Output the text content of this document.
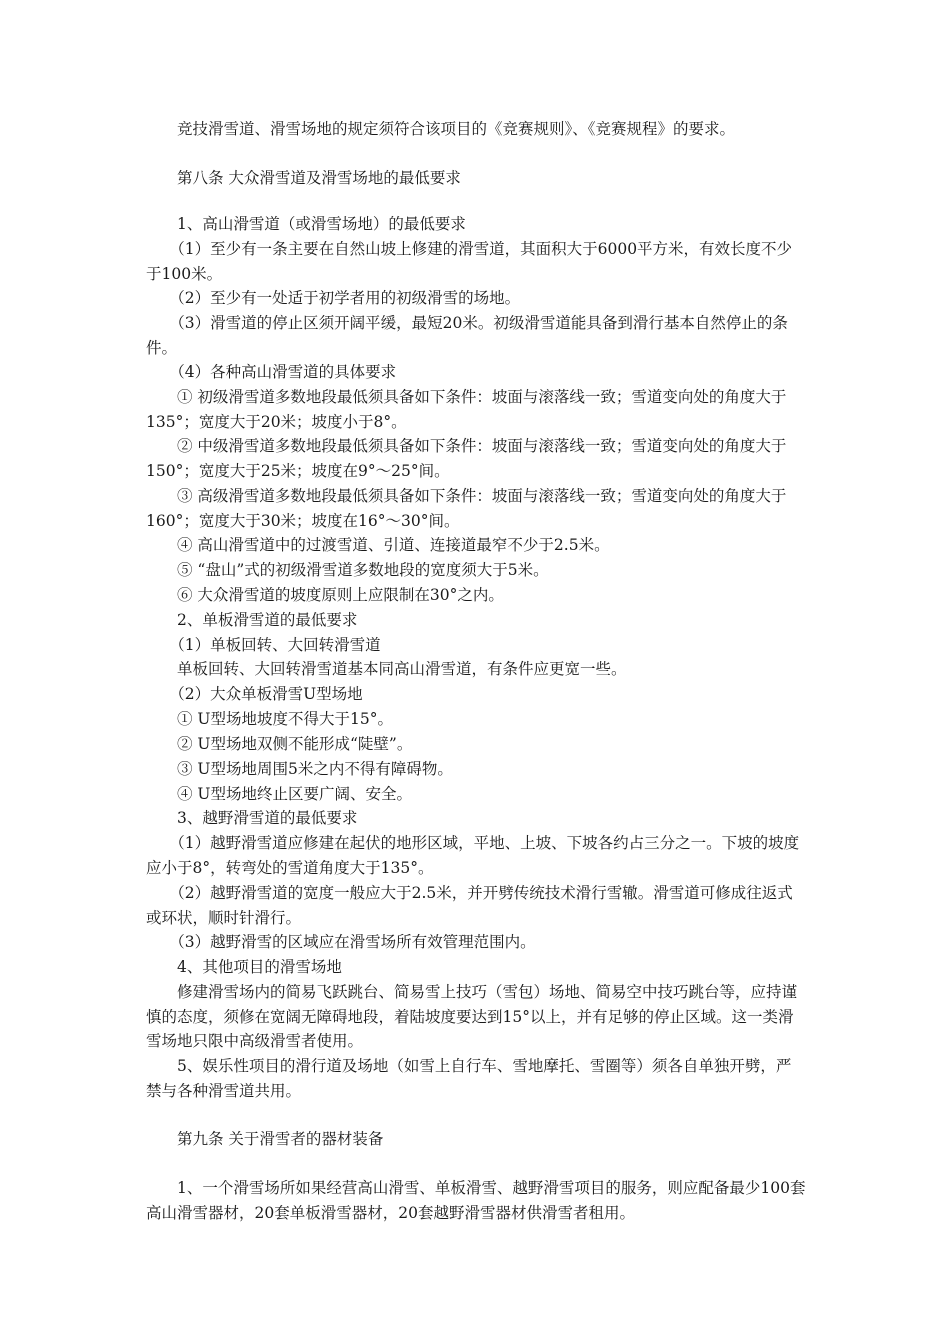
　　竞技滑雪道、滑雪场地的规定须符合该项目的《竞赛规则》、《竞赛规程》的要求。

　　第八条 大众滑雪道及滑雪场地的最低要求

　　1、高山滑雪道（或滑雪场地）的最低要求

　　（1）至少有一条主要在自然山坡上修建的滑雪道，其面积大于6000平方米，有效长度不少于100米。

　　（2）至少有一处适于初学者用的初级滑雪的场地。

　　（3）滑雪道的停止区须开阔平缓，最短20米。初级滑雪道能具备到滑行基本自然停止的条件。

　　（4）各种高山滑雪道的具体要求

　　① 初级滑雪道多数地段最低须具备如下条件：坡面与滚落线一致；雪道变向处的角度大于135°；宽度大于20米；坡度小于8°。

　　② 中级滑雪道多数地段最低须具备如下条件：坡面与滚落线一致；雪道变向处的角度大于150°；宽度大于25米；坡度在9°～25°间。

　　③ 高级滑雪道多数地段最低须具备如下条件：坡面与滚落线一致；雪道变向处的角度大于160°；宽度大于30米；坡度在16°～30°间。

　　④ 高山滑雪道中的过渡雪道、引道、连接道最窄不少于2.5米。

　　⑤ “盘山”式的初级滑雪道多数地段的宽度须大于5米。

　　⑥ 大众滑雪道的坡度原则上应限制在30°之内。

　　2、单板滑雪道的最低要求

　　（1）单板回转、大回转滑雪道

　　单板回转、大回转滑雪道基本同高山滑雪道，有条件应更宽一些。

　　（2）大众单板滑雪U型场地

　　① U型场地坡度不得大于15°。

　　② U型场地双侧不能形成“陡壁”。

　　③ U型场地周围5米之内不得有障碍物。

　　④ U型场地终止区要广阔、安全。

　　3、越野滑雪道的最低要求

　　（1）越野滑雪道应修建在起伏的地形区域，平地、上坡、下坡各约占三分之一。下坡的坡度应小于8°，转弯处的雪道角度大于135°。

　　（2）越野滑雪道的宽度一般应大于2.5米，并开劈传统技术滑行雪辙。滑雪道可修成往返式或环状，顺时针滑行。

　　（3）越野滑雪的区域应在滑雪场所有效管理范围内。

　　4、其他项目的滑雪场地

　　修建滑雪场内的简易飞跃跳台、简易雪上技巧（雪包）场地、简易空中技巧跳台等，应持谨慎的态度，须修在宽阔无障碍地段，着陆坡度要达到15°以上，并有足够的停止区域。这一类滑雪场地只限中高级滑雪者使用。

　　5、娱乐性项目的滑行道及场地（如雪上自行车、雪地摩托、雪圈等）须各自单独开劈，严禁与各种滑雪道共用。

　　第九条 关于滑雪者的器材装备

　　1、一个滑雪场所如果经营高山滑雪、单板滑雪、越野滑雪项目的服务，则应配备最少100套高山滑雪器材，20套单板滑雪器材，20套越野滑雪器材供滑雪者租用。
